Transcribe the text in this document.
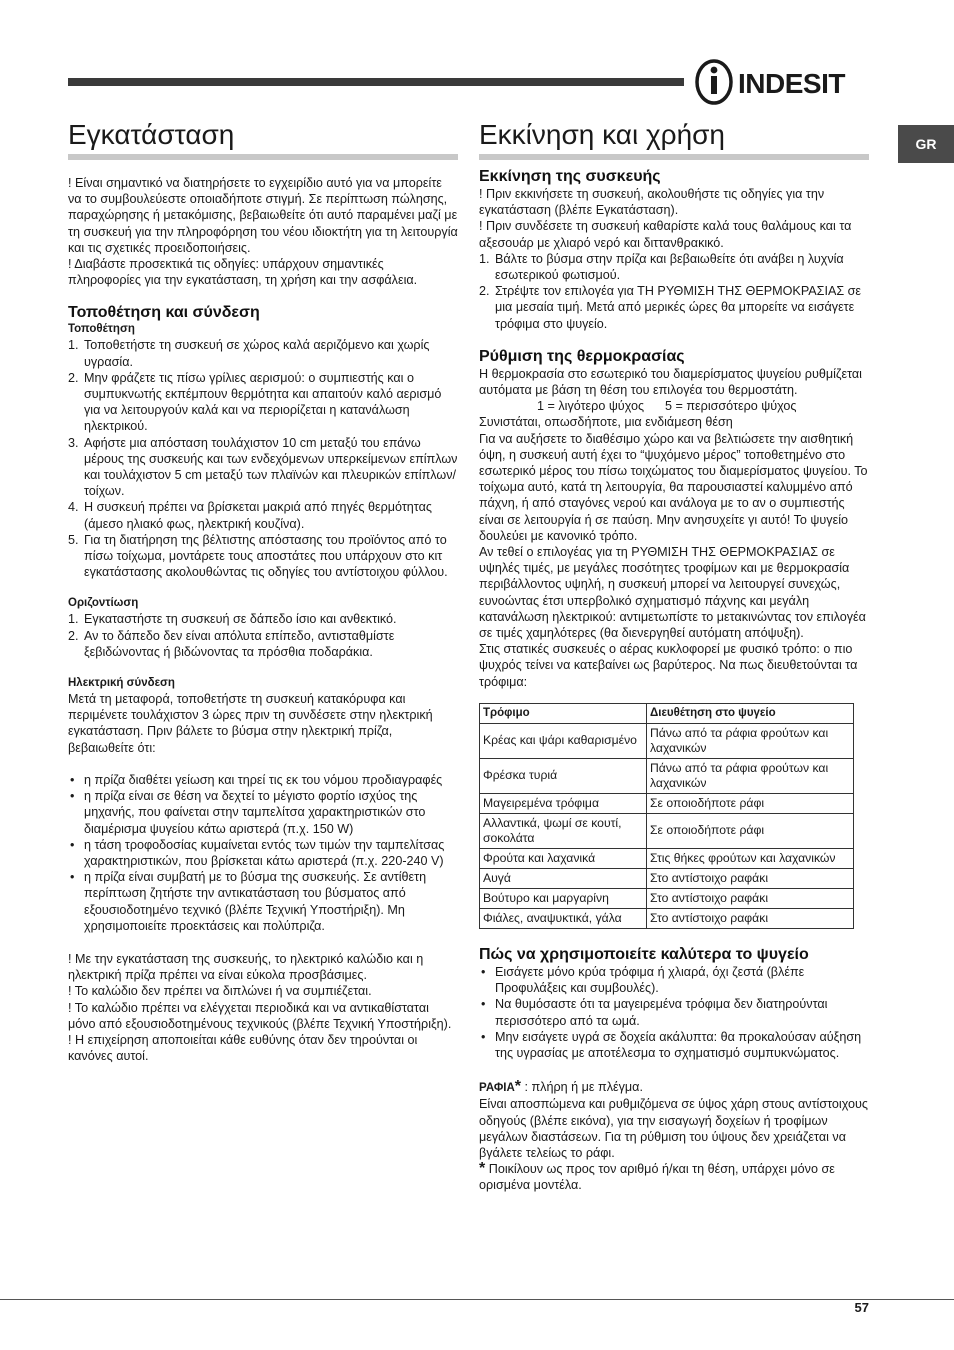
INDESIT
GR
Εγκατάσταση

! Είναι σημαντικό να διατηρήσετε το εγχειρίδιο αυτό για να μπορείτε να το συμβουλεύεστε οποιαδήποτε στιγμή. Σε περίπτωση πώλησης, παραχώρησης ή μετακόμισης, βεβαιωθείτε ότι αυτό παραμένει μαζί με τη συσκευή για την πληροφόρηση του νέου ιδιοκτήτη για τη λειτουργία και τις σχετικές προειδοποιήσεις.

! Διαβάστε προσεκτικά τις οδηγίες: υπάρχουν σημαντικές πληροφορίες για την εγκατάσταση, τη χρήση και την ασφάλεια.

Τοποθέτηση και σύνδεση
Τοποθέτηση
1. Τοποθετήστε τη συσκευή σε χώρος καλά αεριζόμενο και χωρίς υγρασία.
2. Μην φράζετε τις πίσω γρίλιες αερισμού: ο συμπιεστής και ο συμπυκνωτής εκπέμπουν θερμότητα και απαιτούν καλό αερισμό για να λειτουργούν καλά και να περιορίζεται η κατανάλωση ηλεκτρικού.
3. Αφήστε μια απόσταση τουλάχιστον 10 cm μεταξύ του επάνω μέρους της συσκευής και των ενδεχόμενων υπερκείμενων επίπλων και τουλάχιστον 5 cm μεταξύ των πλαϊνών και πλευρικών επίπλων/τοίχων.
4. Η συσκευή πρέπει να βρίσκεται μακριά από πηγές θερμότητας (άμεσο ηλιακό φως, ηλεκτρική κουζίνα).
5. Για τη διατήρηση της βέλτιστης απόστασης του προϊόντος από το πίσω τοίχωμα, μοντάρετε τους αποστάτες που υπάρχουν στο κιτ εγκατάστασης ακολουθώντας τις οδηγίες του αντίστοιχου φύλλου.
Οριζοντίωση
1. Εγκαταστήστε τη συσκευή σε δάπεδο ίσιο και ανθεκτικό.
2. Αν το δάπεδο δεν είναι απόλυτα επίπεδο, αντισταθμίστε ξεβιδώνοντας ή βιδώνοντας τα πρόσθια ποδαράκια.
Ηλεκτρική σύνδεση

Μετά τη μεταφορά, τοποθετήστε τη συσκευή κατακόρυφα και περιμένετε τουλάχιστον 3 ώρες πριν τη συνδέσετε στην ηλεκτρική εγκατάσταση. Πριν βάλετε το βύσμα στην ηλεκτρική πρίζα, βεβαιωθείτε ότι:

• η πρίζα διαθέτει γείωση και τηρεί τις εκ του νόμου προδιαγραφές
• η πρίζα είναι σε θέση να δεχτεί το μέγιστο φορτίο ισχύος της μηχανής, που φαίνεται στην ταμπελίτσα χαρακτηριστικών στο διαμέρισμα ψυγείου κάτω αριστερά (π.χ. 150 W)
• η τάση τροφοδοσίας κυμαίνεται εντός των τιμών την ταμπελίτσας χαρακτηριστικών, που βρίσκεται κάτω αριστερά (π.χ. 220-240 V)
• η πρίζα είναι συμβατή με το βύσμα της συσκευής. Σε αντίθετη περίπτωση ζητήστε την αντικατάσταση του βύσματος από εξουσιοδοτημένο τεχνικό (βλέπε Τεχνική Υποστήριξη). Μη χρησιμοποιείτε προεκτάσεις και πολύπριζα.

! Με την εγκατάσταση της συσκευής, το ηλεκτρικό καλώδιο και η ηλεκτρική πρίζα πρέπει να είναι εύκολα προσβάσιμες.

! Το καλώδιο δεν πρέπει να διπλώνει ή να συμπιέζεται.

! Το καλώδιο πρέπει να ελέγχεται περιοδικά και να αντικαθίσταται μόνο από εξουσιοδοτημένους τεχνικούς (βλέπε Τεχνική Υποστήριξη).

! Η επιχείρηση αποποιείται κάθε ευθύνης όταν δεν τηρούνται οι κανόνες αυτοί.

Εκκίνηση και χρήση
Εκκίνηση της συσκευής

! Πριν εκκινήσετε τη συσκευή, ακολουθήστε τις οδηγίες για την εγκατάσταση (βλέπε Εγκατάσταση).

! Πριν συνδέσετε τη συσκευή καθαρίστε καλά τους θαλάμους και τα αξεσουάρ με χλιαρό νερό και διττανθρακικό.

1. Βάλτε το βύσμα στην πρίζα και βεβαιωθείτε ότι ανάβει η λυχνία εσωτερικού φωτισμού.
2. Στρέψτε τον επιλογέα για ΤΗ ΡΥΘΜΙΣΗ ΤΗΣ ΘΕΡΜΟΚΡΑΣΙΑΣ σε μια μεσαία τιμή. Μετά από μερικές ώρες θα μπορείτε να εισάγετε τρόφιμα στο ψυγείο.
Ρύθμιση της θερμοκρασίας

Η θερμοκρασία στο εσωτερικό του διαμερίσματος ψυγείου ρυθμίζεται αυτόματα με βάση τη θέση του επιλογέα του θερμοστάτη.

1 = λιγότερο ψύχος	5 = περισσότερο ψύχος

Συνιστάται, οπωσδήποτε, μια ενδιάμεση θέση

Για να αυξήσετε το διαθέσιμο χώρο και να βελτιώσετε την αισθητική όψη, η συσκευή αυτή έχει το “ψυχόμενο μέρος” τοποθετημένο στο εσωτερικό μέρος του πίσω τοιχώματος του διαμερίσματος ψυγείου. Το τοίχωμα αυτό, κατά τη λειτουργία, θα παρουσιαστεί καλυμμένο από πάχνη, ή από σταγόνες νερού και ανάλογα με το αν ο συμπιεστής είναι σε λειτουργία ή σε παύση. Μην ανησυχείτε γι αυτό! Το ψυγείο δουλεύει με κανονικό τρόπο.

Αν τεθεί ο επιλογέας για τη ΡΥΘΜΙΣΗ ΤΗΣ ΘΕΡΜΟΚΡΑΣΙΑΣ σε υψηλές τιμές, με μεγάλες ποσότητες τροφίμων και με θερμοκρασία περιβάλλοντος υψηλή, η συσκευή μπορεί να λειτουργεί συνεχώς, ευνοώντας έτσι υπερβολικό σχηματισμό πάχνης και μεγάλη κατανάλωση ηλεκτρικού: αντιμετωπίστε το μετακινώντας τον επιλογέα σε τιμές χαμηλότερες (θα διενεργηθεί αυτόματη απόψυξη).

Στις στατικές συσκευές ο αέρας κυκλοφορεί με φυσικό τρόπο: ο πιο ψυχρός τείνει να κατεβαίνει ως βαρύτερος. Να πως διευθετούνται τα τρόφιμα:

Τρόφιμο	Διευθέτηση στο ψυγείο
Κρέας και ψάρι καθαρισμένο	Πάνω από τα ράφια φρούτων και λαχανικών
Φρέσκα τυριά	Πάνω από τα ράφια φρούτων και λαχανικών
Μαγειρεμένα τρόφιμα	Σε οποιοδήποτε ράφι
Αλλαντικά, ψωμί σε κουτί, σοκολάτα	Σε οποιοδήποτε ράφι
Φρούτα και λαχανικά	Στις θήκες φρούτων και λαχανικών
Αυγά	Στο αντίστοιχο ραφάκι
Βούτυρο και μαργαρίνη	Στο αντίστοιχο ραφάκι
Φιάλες, αναψυκτικά, γάλα	Στο αντίστοιχο ραφάκι
Πώς να χρησιμοποιείτε καλύτερα το ψυγείο
• Εισάγετε μόνο κρύα τρόφιμα ή χλιαρά, όχι ζεστά (βλέπε Προφυλάξεις και συμβουλές).
• Να θυμόσαστε ότι τα μαγειρεμένα τρόφιμα δεν διατηρούνται περισσότερο από τα ωμά.
• Μην εισάγετε υγρά σε δοχεία ακάλυπτα: θα προκαλούσαν αύξηση της υγρασίας με αποτέλεσμα το σχηματισμό συμπυκνώματος.

ΡΑΦΙΑ* : πλήρη ή με πλέγμα.

Είναι αποσπώμενα και ρυθμιζόμενα σε ύψος χάρη στους αντίστοιχους οδηγούς (βλέπε εικόνα), για την εισαγωγή δοχείων ή τροφίμων μεγάλων διαστάσεων. Για τη ρύθμιση του ύψους δεν χρειάζεται να βγάλετε τελείως το ράφι.

* Ποικίλουν ως προς τον αριθμό ή/και τη θέση, υπάρχει μόνο σε ορισμένα μοντέλα.

57
